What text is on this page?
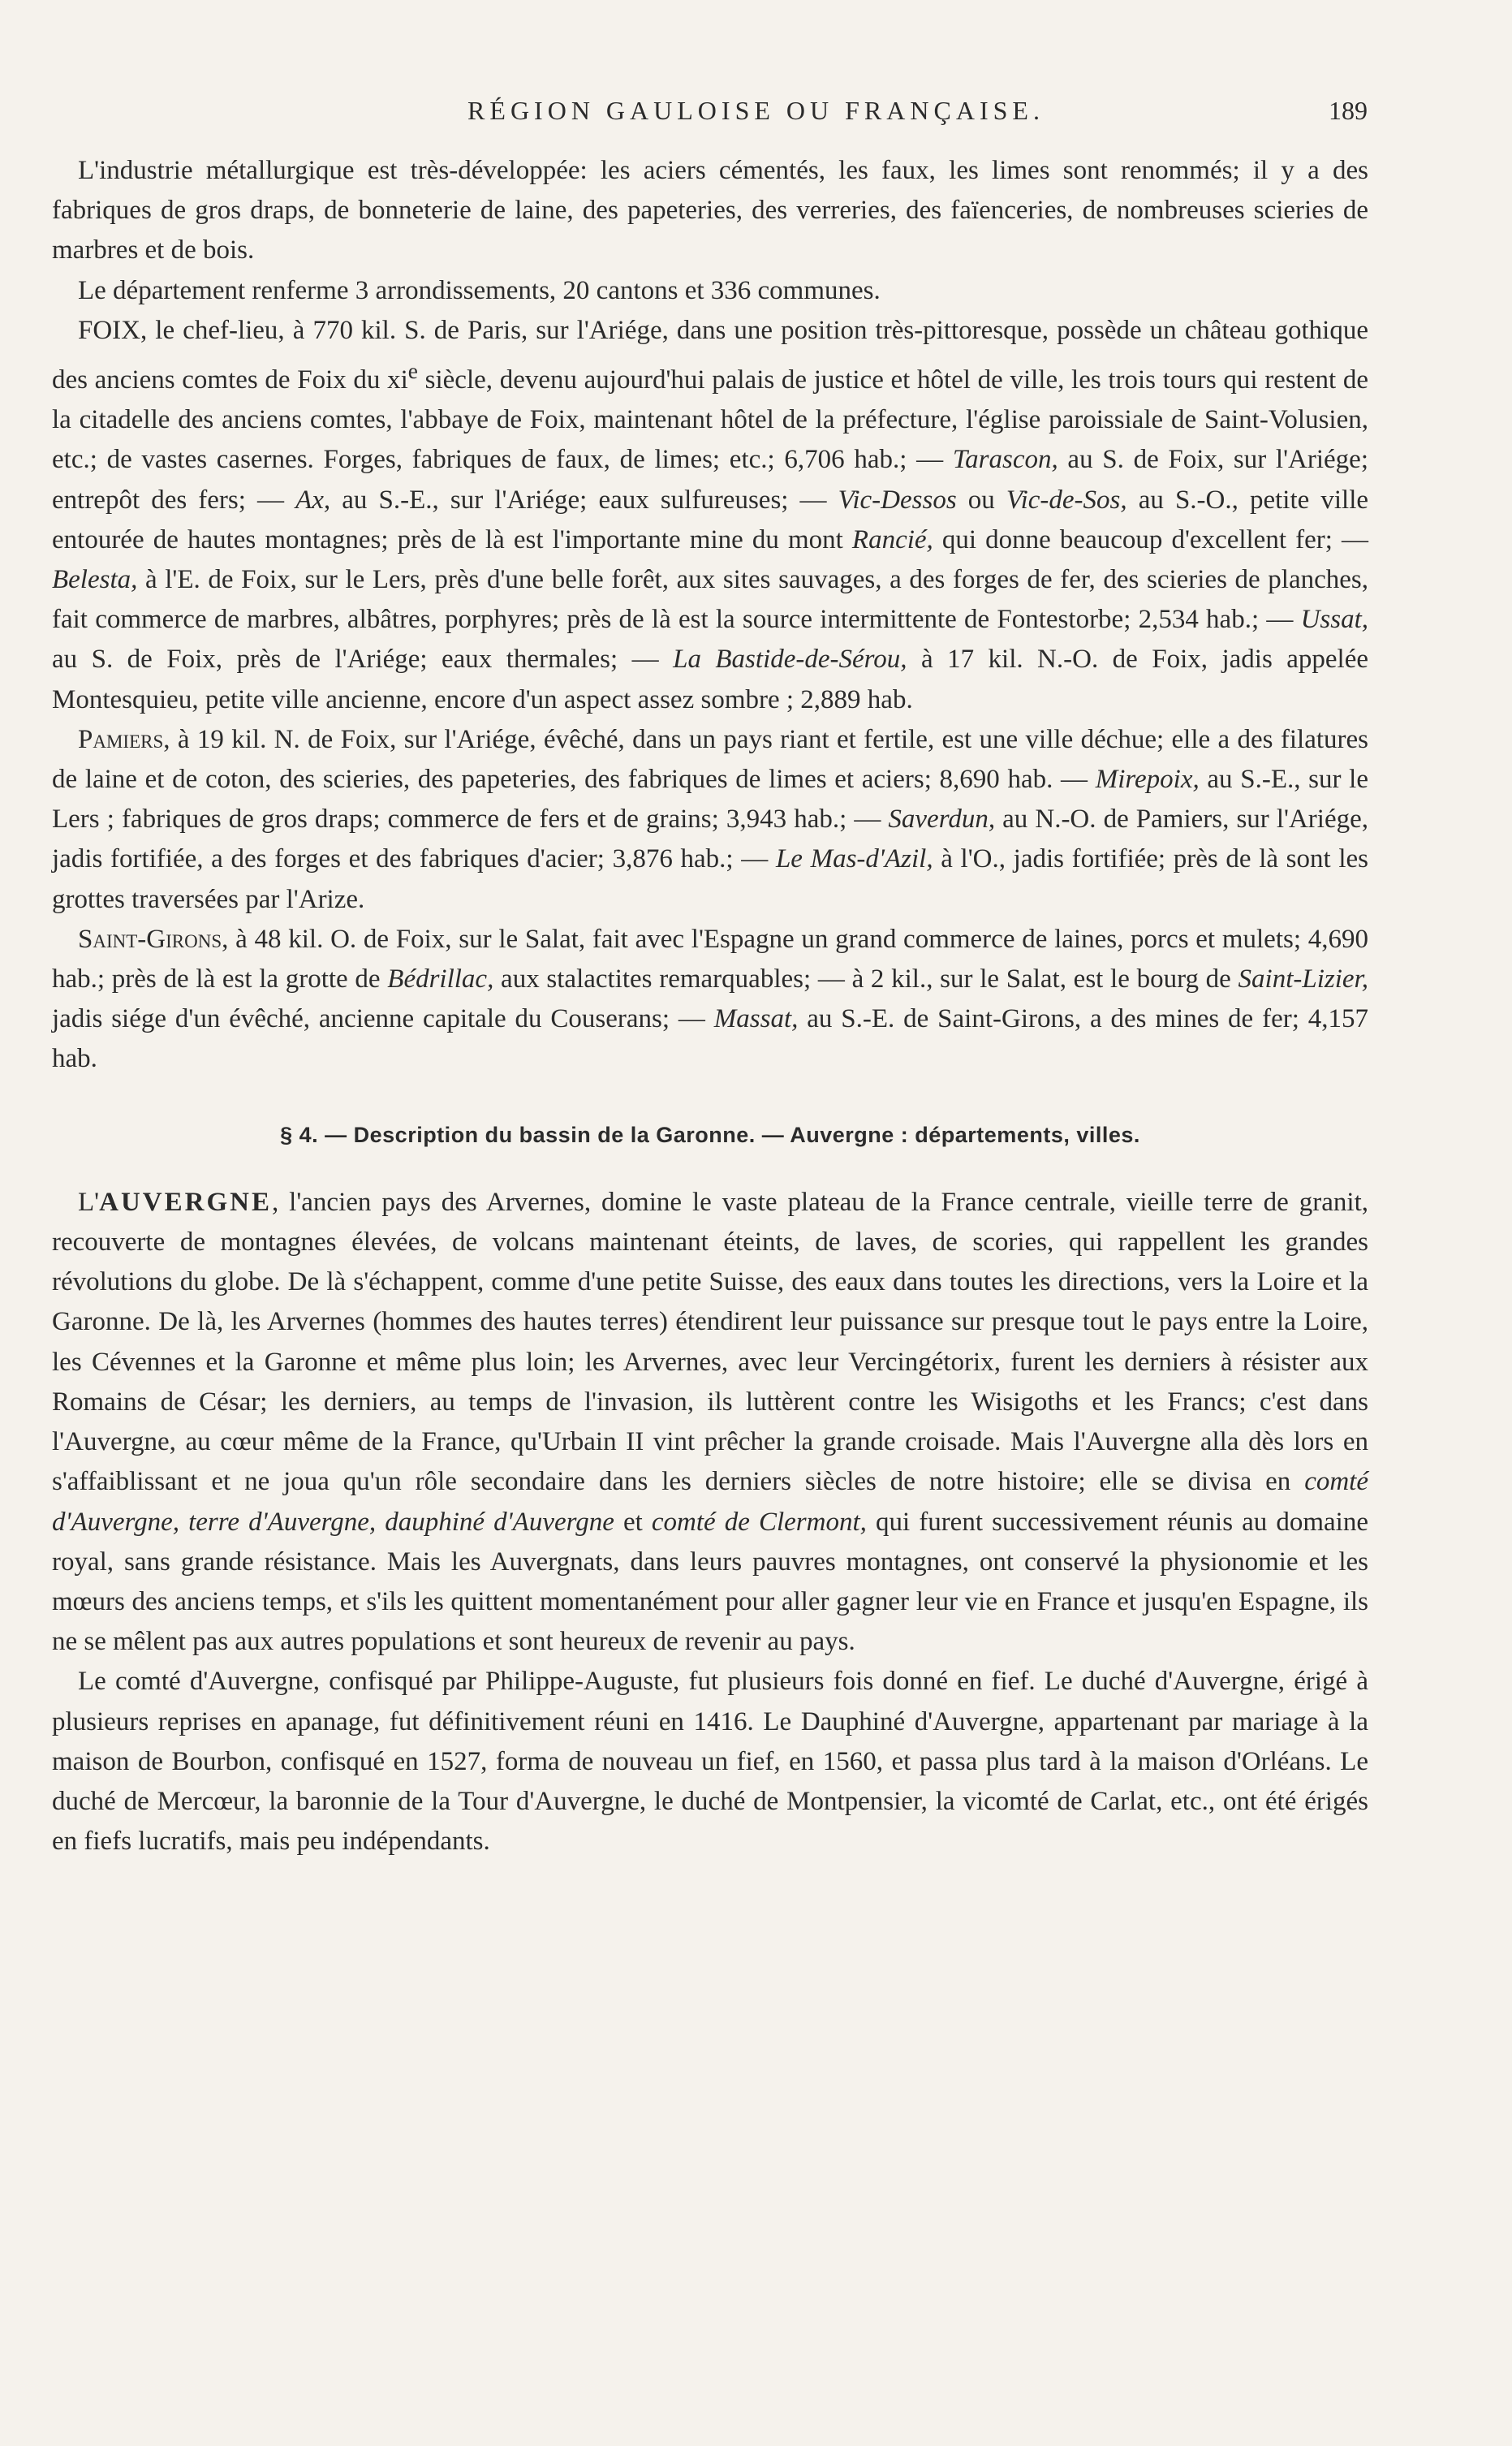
RÉGION GAULOISE OU FRANÇAISE.	189

L'industrie métallurgique est très-développée: les aciers cémentés, les faux, les limes sont renommés; il y a des fabriques de gros draps, de bonneterie de laine, des papeteries, des verreries, des faïenceries, de nombreuses scieries de marbres et de bois.

Le département renferme 3 arrondissements, 20 cantons et 336 communes.

FOIX, le chef-lieu, à 770 kil. S. de Paris, sur l'Ariége, dans une position très-pittoresque, possède un château gothique des anciens comtes de Foix du $xi^e$ siècle, devenu aujourd'hui palais de justice et hôtel de ville, les trois tours qui restent de la citadelle des anciens comtes, l'abbaye de Foix, maintenant hôtel de la préfecture, l'église paroissiale de Saint-Volusien, etc.; de vastes casernes. Forges, fabriques de faux, de limes; etc.; 6,706 hab.; — Tarascon, au S. de Foix, sur l'Ariége; entrepôt des fers; — Ax, au S.-E., sur l'Ariége; eaux sulfureuses; — Vic-Dessos ou Vic-de-Sos, au S.-O., petite ville entourée de hautes montagnes; près de là est l'importante mine du mont Rancié, qui donne beaucoup d'excellent fer; — Belesta, à l'E. de Foix, sur le Lers, près d'une belle forêt, aux sites sauvages, a des forges de fer, des scieries de planches, fait commerce de marbres, albâtres, porphyres; près de là est la source intermittente de Fontestorbe; 2,534 hab.; — Ussat, au S. de Foix, près de l'Ariége; eaux thermales; — La Bastide-de-Sérou, à 17 kil. N.-O. de Foix, jadis appelée Montesquieu, petite ville ancienne, encore d'un aspect assez sombre ; 2,889 hab.

Pamiers, à 19 kil. N. de Foix, sur l'Ariége, évêché, dans un pays riant et fertile, est une ville déchue; elle a des filatures de laine et de coton, des scieries, des papeteries, des fabriques de limes et aciers; 8,690 hab. — Mirepoix, au S.-E., sur le Lers ; fabriques de gros draps; commerce de fers et de grains; 3,943 hab.; — Saverdun, au N.-O. de Pamiers, sur l'Ariége, jadis fortifiée, a des forges et des fabriques d'acier; 3,876 hab.; — Le Mas-d'Azil, à l'O., jadis fortifiée; près de là sont les grottes traversées par l'Arize.

Saint-Girons, à 48 kil. O. de Foix, sur le Salat, fait avec l'Espagne un grand commerce de laines, porcs et mulets; 4,690 hab.; près de là est la grotte de Bédrillac, aux stalactites remarquables; — à 2 kil., sur le Salat, est le bourg de Saint-Lizier, jadis siége d'un évêché, ancienne capitale du Couserans; — Massat, au S.-E. de Saint-Girons, a des mines de fer; 4,157 hab.

§ 4. — Description du bassin de la Garonne. — Auvergne : départements, villes.

L'AUVERGNE, l'ancien pays des Arvernes, domine le vaste plateau de la France centrale, vieille terre de granit, recouverte de montagnes élevées, de volcans maintenant éteints, de laves, de scories, qui rappellent les grandes révolutions du globe. De là s'échappent, comme d'une petite Suisse, des eaux dans toutes les directions, vers la Loire et la Garonne. De là, les Arvernes (hommes des hautes terres) étendirent leur puissance sur presque tout le pays entre la Loire, les Cévennes et la Garonne et même plus loin; les Arvernes, avec leur Vercingétorix, furent les derniers à résister aux Romains de César; les derniers, au temps de l'invasion, ils luttèrent contre les Wisigoths et les Francs; c'est dans l'Auvergne, au cœur même de la France, qu'Urbain II vint prêcher la grande croisade. Mais l'Auvergne alla dès lors en s'affaiblissant et ne joua qu'un rôle secondaire dans les derniers siècles de notre histoire; elle se divisa en comté d'Auvergne, terre d'Auvergne, dauphiné d'Auvergne et comté de Clermont, qui furent successivement réunis au domaine royal, sans grande résistance. Mais les Auvergnats, dans leurs pauvres montagnes, ont conservé la physionomie et les mœurs des anciens temps, et s'ils les quittent momentanément pour aller gagner leur vie en France et jusqu'en Espagne, ils ne se mêlent pas aux autres populations et sont heureux de revenir au pays.

Le comté d'Auvergne, confisqué par Philippe-Auguste, fut plusieurs fois donné en fief. Le duché d'Auvergne, érigé à plusieurs reprises en apanage, fut définitivement réuni en 1416. Le Dauphiné d'Auvergne, appartenant par mariage à la maison de Bourbon, confisqué en 1527, forma de nouveau un fief, en 1560, et passa plus tard à la maison d'Orléans. Le duché de Mercœur, la baronnie de la Tour d'Auvergne, le duché de Montpensier, la vicomté de Carlat, etc., ont été érigés en fiefs lucratifs, mais peu indépendants.
